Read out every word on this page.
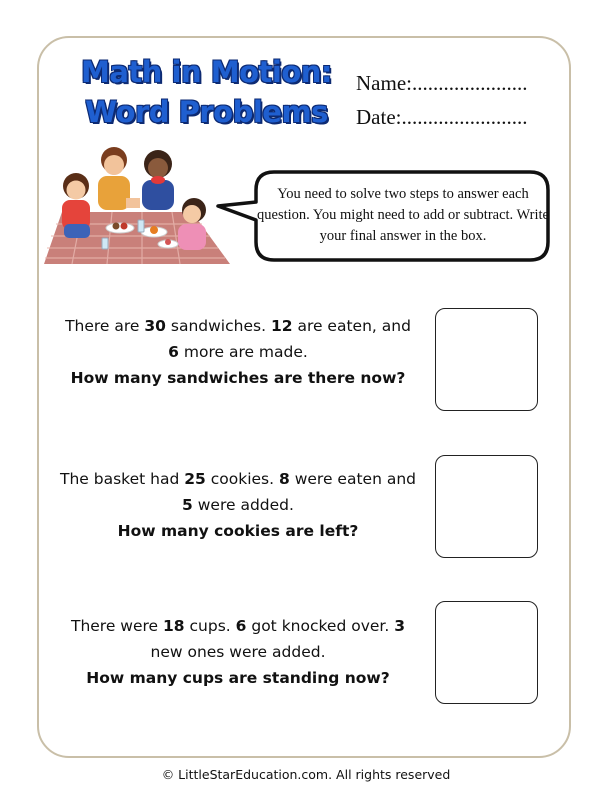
Math in Motion:
Word Problems
Name:......................
Date:........................
You need to solve two steps to answer each question. You might need to add or subtract. Write your final answer in the box.
There are 30 sandwiches. 12 are eaten, and 6 more are made.
How many sandwiches are there now?
The basket had 25 cookies. 8 were eaten and 5 were added.
How many cookies are left?
There were 18 cups. 6 got knocked over. 3 new ones were added.
How many cups are standing now?
© LittleStarEducation.com. All rights reserved
